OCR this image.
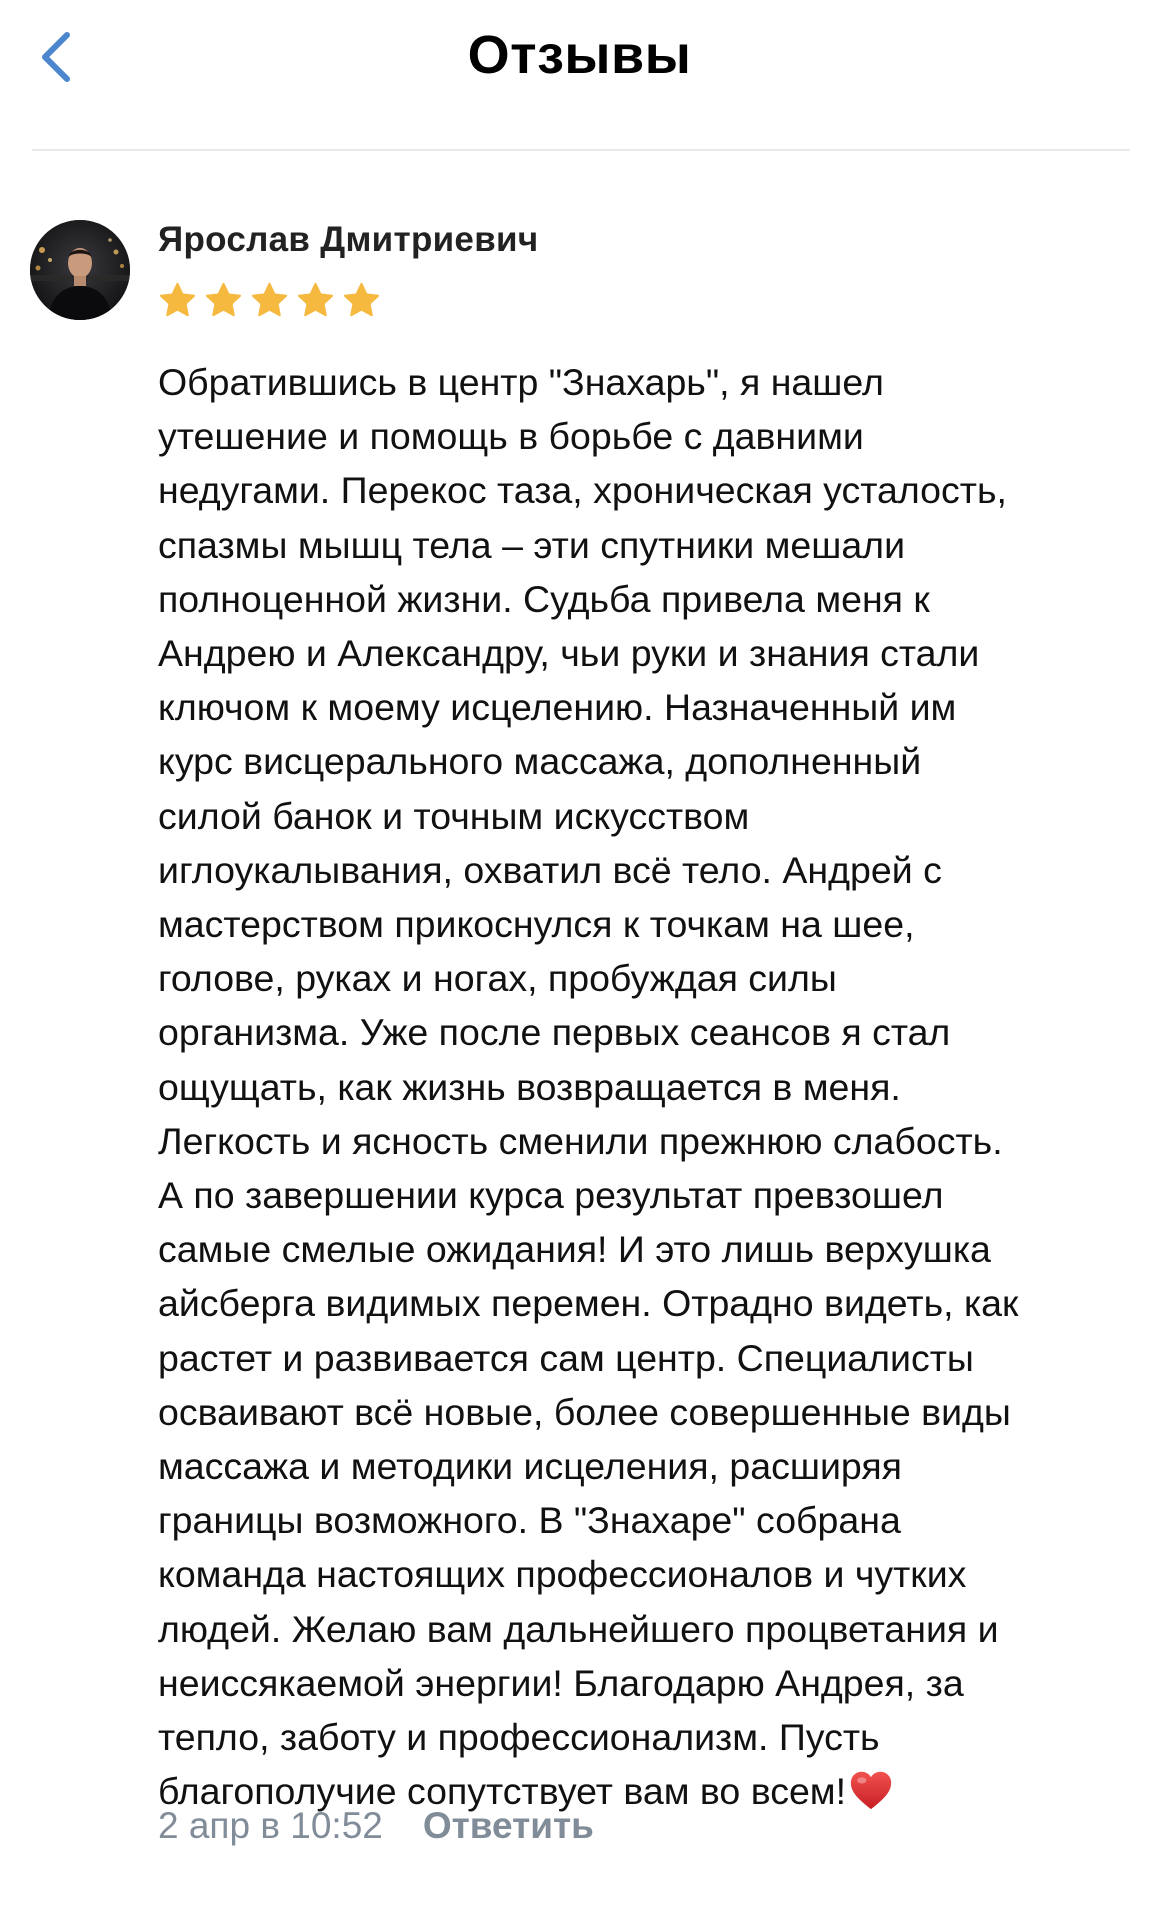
Отзывы
Ярослав Дмитриевич
Обратившись в центр "Знахарь", я нашел
утешение и помощь в борьбе с давними
недугами. Перекос таза, хроническая усталость,
спазмы мышц тела – эти спутники мешали
полноценной жизни. Судьба привела меня к
Андрею и Александру, чьи руки и знания стали
ключом к моему исцелению. Назначенный им
курс висцерального массажа, дополненный
силой банок и точным искусством
иглоукалывания, охватил всё тело. Андрей с
мастерством прикоснулся к точкам на шее,
голове, руках и ногах, пробуждая силы
организма. Уже после первых сеансов я стал
ощущать, как жизнь возвращается в меня.
Легкость и ясность сменили прежнюю слабость.
А по завершении курса результат превзошел
самые смелые ожидания! И это лишь верхушка
айсберга видимых перемен. Отрадно видеть, как
растет и развивается сам центр. Специалисты
осваивают всё новые, более совершенные виды
массажа и методики исцеления, расширяя
границы возможного. В "Знахаре" собрана
команда настоящих профессионалов и чутких
людей. Желаю вам дальнейшего процветания и
неиссякаемой энергии! Благодарю Андрея, за
тепло, заботу и профессионализм. Пусть
благополучие сопутствует вам во всем!
2 апр в 10:52 Ответить
